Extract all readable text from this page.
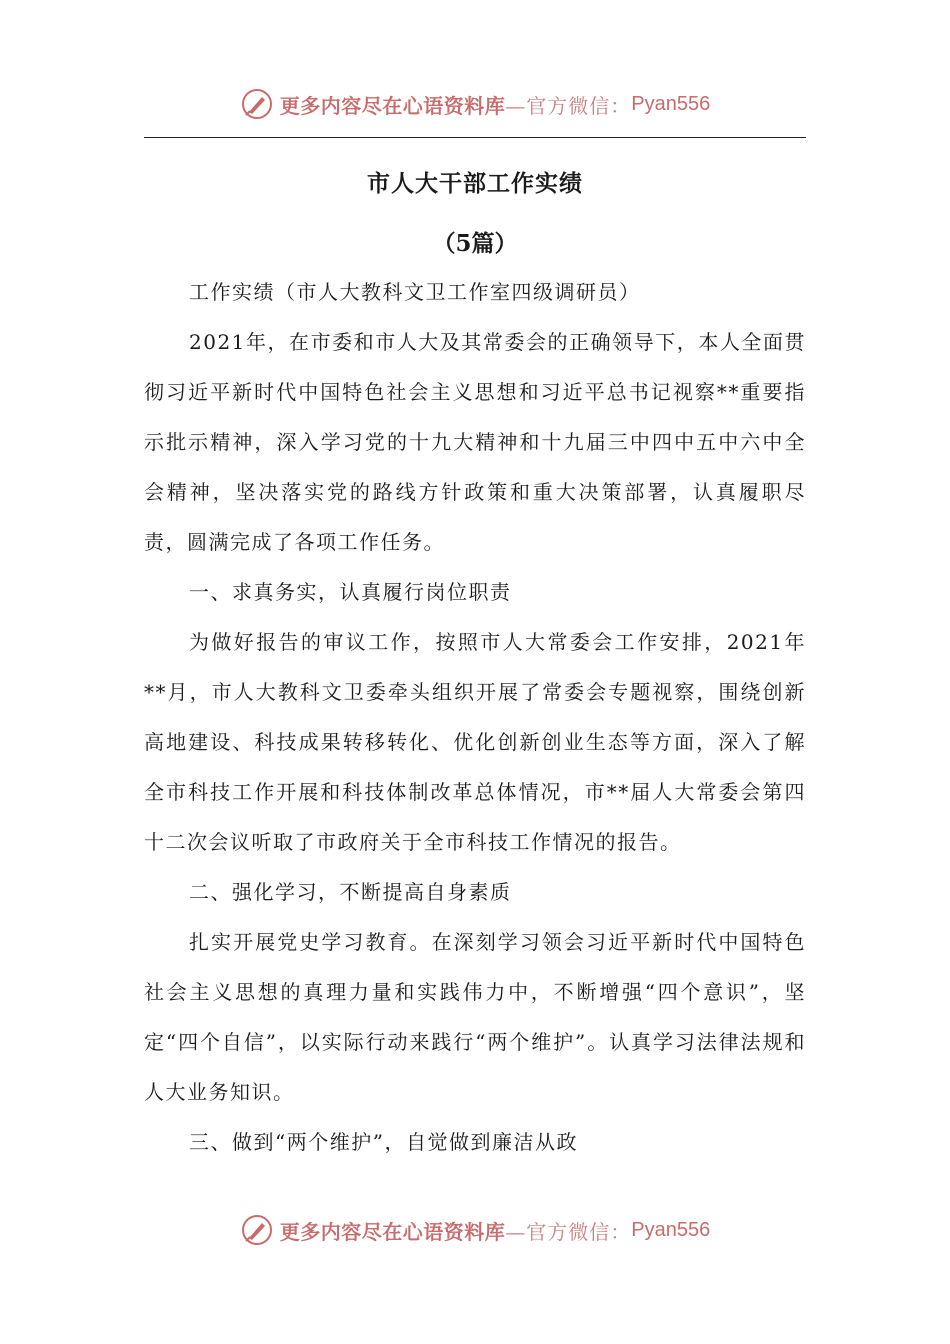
更多内容尽在心语资料库 —官方微信： Pyan556
市人大干部工作实绩
（5篇）

工作实绩（市人大教科文卫工作室四级调研员）

2021年，在市委和市人大及其常委会的正确领导下，本人全面贯彻习近平新时代中国特色社会主义思想和习近平总书记视察**重要指示批示精神，深入学习党的十九大精神和十九届三中四中五中六中全会精神，坚决落实党的路线方针政策和重大决策部署，认真履职尽责，圆满完成了各项工作任务。

一、求真务实，认真履行岗位职责

为做好报告的审议工作，按照市人大常委会工作安排，2021年**月，市人大教科文卫委牵头组织开展了常委会专题视察，围绕创新高地建设、科技成果转移转化、优化创新创业生态等方面，深入了解全市科技工作开展和科技体制改革总体情况，市**届人大常委会第四十二次会议听取了市政府关于全市科技工作情况的报告。

二、强化学习，不断提高自身素质

扎实开展党史学习教育。在深刻学习领会习近平新时代中国特色社会主义思想的真理力量和实践伟力中，不断增强“四个意识”，坚定“四个自信”，以实际行动来践行“两个维护”。认真学习法律法规和人大业务知识。

三、做到“两个维护”，自觉做到廉洁从政

更多内容尽在心语资料库 —官方微信： Pyan556
